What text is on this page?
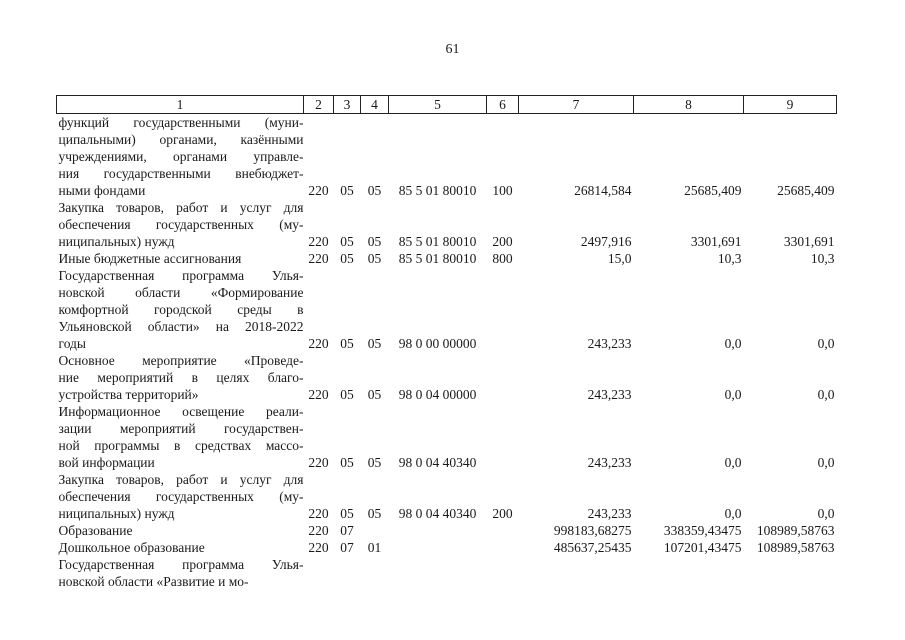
61
1	2	3	4	5	6	7	8	9

функций государственными (муни-
ципальными) органами, казёнными
учреждениями, органами управле-
ния государственными внебюджет-
ными фондами	220	05	05	85 5 01 80010	100	26814,584	25685,409	25685,409

Закупка товаров, работ и услуг для
обеспечения государственных (му-
ниципальных) нужд	220	05	05	85 5 01 80010	200	2497,916	3301,691	3301,691

Иные бюджетные ассигнования	220	05	05	85 5 01 80010	800	15,0	10,3	10,3

Государственная программа Улья-
новской области «Формирование
комфортной городской среды в
Ульяновской области» на 2018-2022
годы	220	05	05	98 0 00 00000		243,233	0,0	0,0

Основное мероприятие «Проведе-
ние мероприятий в целях благо-
устройства территорий»	220	05	05	98 0 04 00000		243,233	0,0	0,0

Информационное освещение реали-
зации мероприятий государствен-
ной программы в средствах массо-
вой информации	220	05	05	98 0 04 40340		243,233	0,0	0,0

Закупка товаров, работ и услуг для
обеспечения государственных (му-
ниципальных) нужд	220	05	05	98 0 04 40340	200	243,233	0,0	0,0

Образование	220	07				998183,68275	338359,43475	108989,58763

Дошкольное образование	220	07	01			485637,25435	107201,43475	108989,58763

Государственная программа Улья-
новской области «Развитие и мо-								
